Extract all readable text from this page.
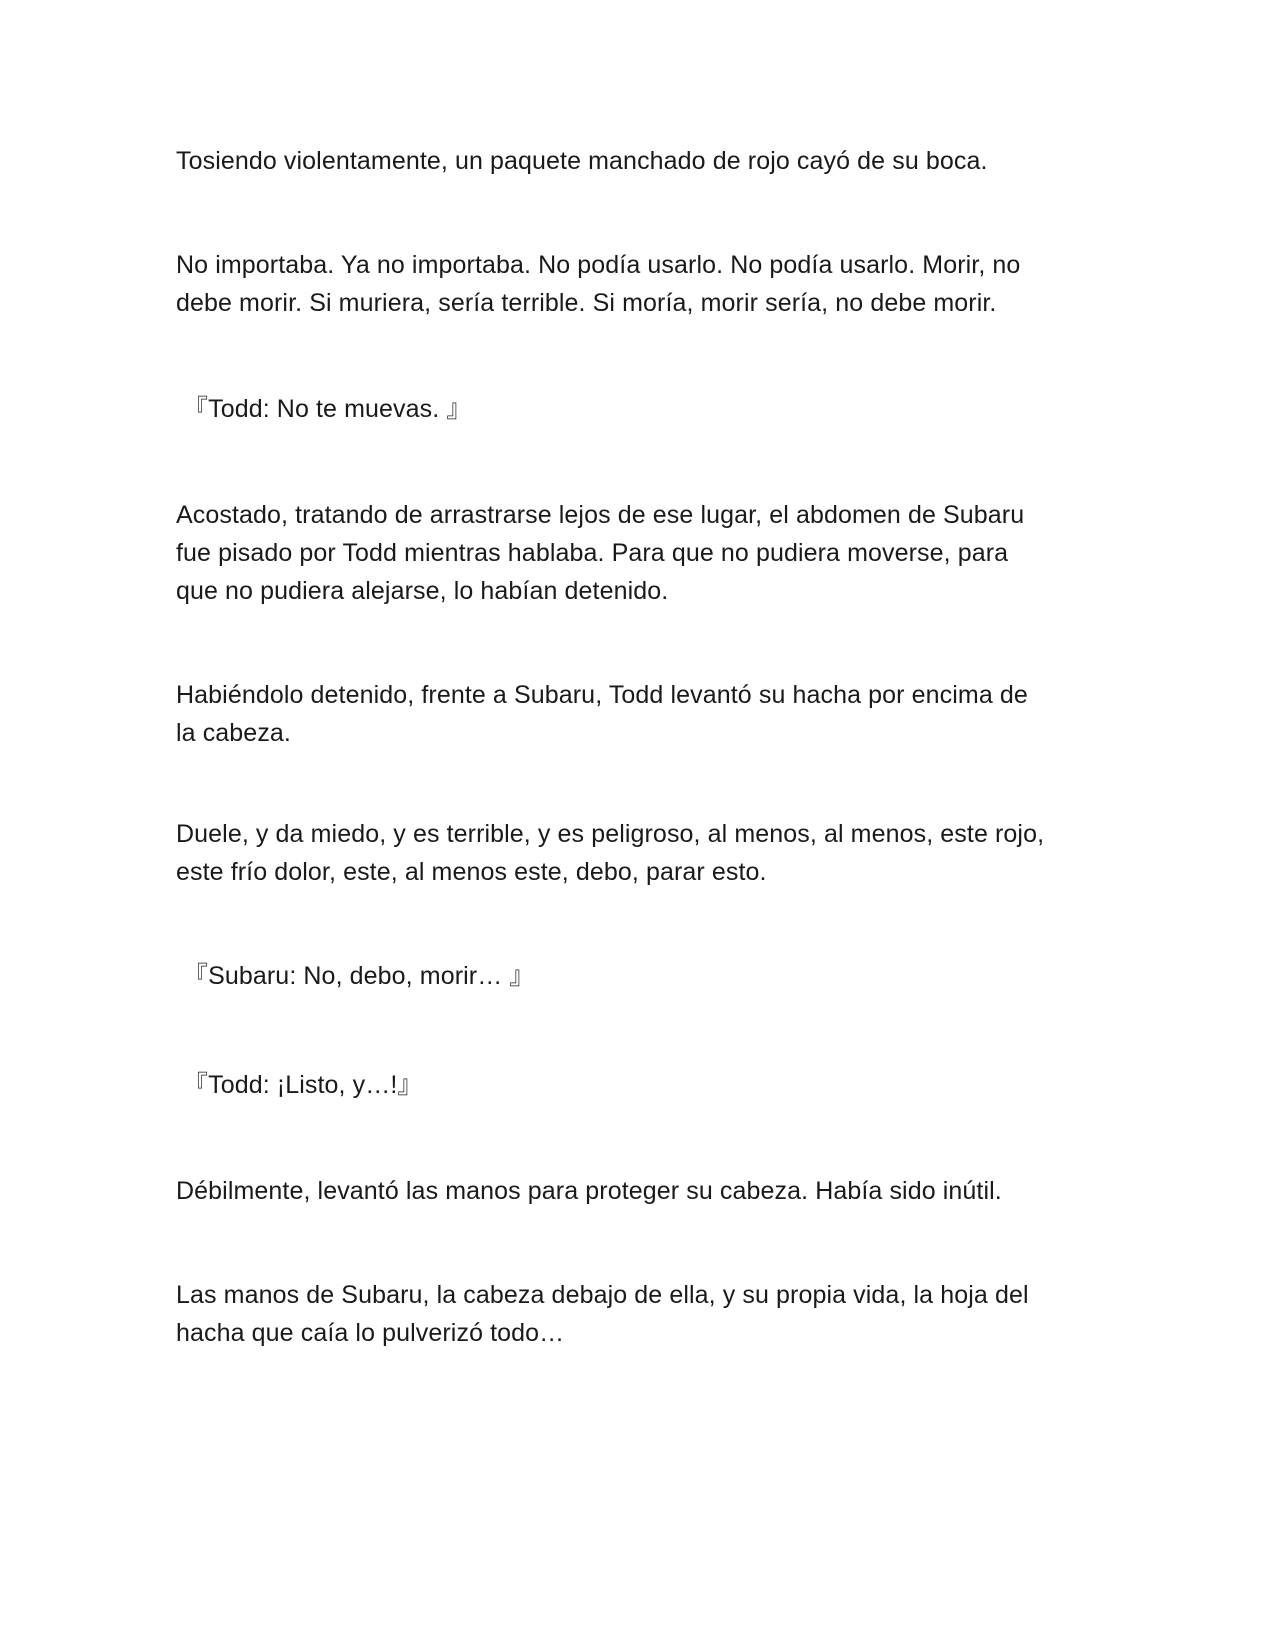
Tosiendo violentamente, un paquete manchado de rojo cayó de su boca.

No importaba. Ya no importaba. No podía usarlo. No podía usarlo. Morir, no
debe morir. Si muriera, sería terrible. Si moría, morir sería, no debe morir.

『Todd: No te muevas. 』

Acostado, tratando de arrastrarse lejos de ese lugar, el abdomen de Subaru
fue pisado por Todd mientras hablaba. Para que no pudiera moverse, para
que no pudiera alejarse, lo habían detenido.

Habiéndolo detenido, frente a Subaru, Todd levantó su hacha por encima de
la cabeza.

Duele, y da miedo, y es terrible, y es peligroso, al menos, al menos, este rojo,
este frío dolor, este, al menos este, debo, parar esto.

『Subaru: No, debo, morir… 』

『Todd: ¡Listo, y…!』

Débilmente, levantó las manos para proteger su cabeza. Había sido inútil.

Las manos de Subaru, la cabeza debajo de ella, y su propia vida, la hoja del
hacha que caía lo pulverizó todo…
